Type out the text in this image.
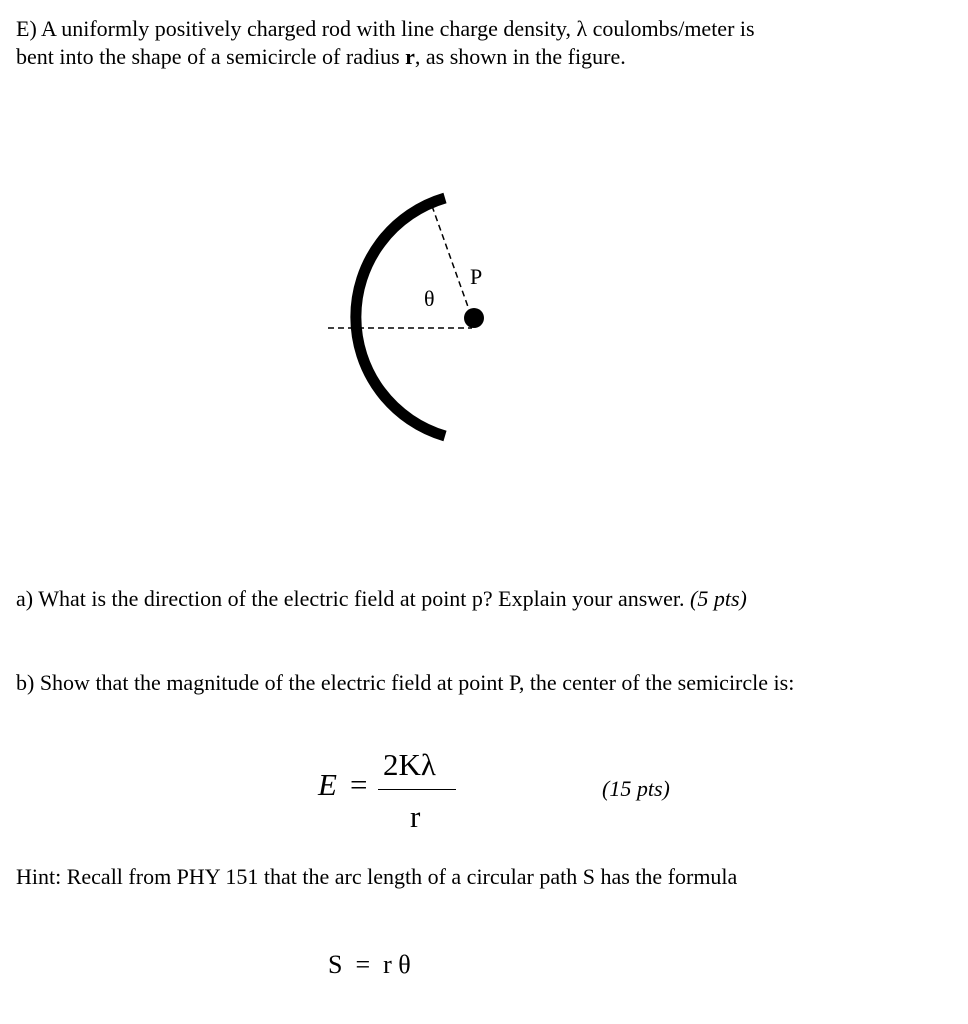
E) A uniformly positively charged rod with line charge density, λ coulombs/meter is
bent into the shape of a semicircle of radius r, as shown in the figure.
P
θ
a) What is the direction of the electric field at point p? Explain your answer. (5 pts)
b) Show that the magnitude of the electric field at point P, the center of the semicircle is:
E =
2Kλ
r
(15 pts)
Hint: Recall from PHY 151 that the arc length of a circular path S has the formula
S  =  r θ
